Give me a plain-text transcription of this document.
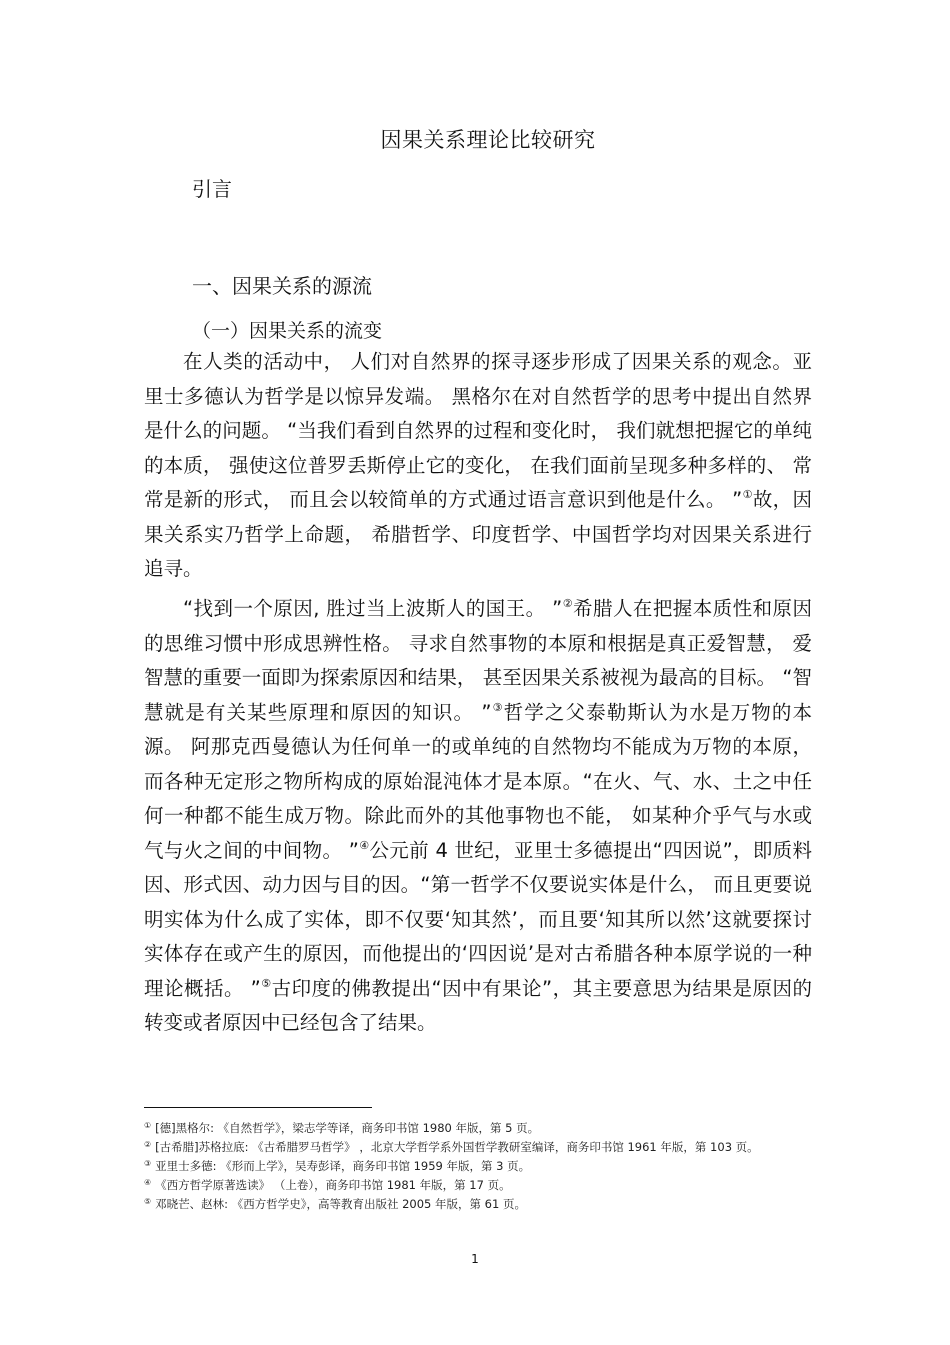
因果关系理论比较研究
引言
一、因果关系的源流
（一）因果关系的流变

在人类的活动中， 人们对自然界的探寻逐步形成了因果关系的观念。亚里士多德认为哲学是以惊异发端。 黑格尔在对自然哲学的思考中提出自然界是什么的问题。 “当我们看到自然界的过程和变化时， 我们就想把握它的单纯的本质， 强使这位普罗丢斯停止它的变化， 在我们面前呈现多种多样的、 常常是新的形式， 而且会以较简单的方式通过语言意识到他是什么。 ”①故，因果关系实乃哲学上命题， 希腊哲学、印度哲学、中国哲学均对因果关系进行追寻。

“找到一个原因, 胜过当上波斯人的国王。 ”②希腊人在把握本质性和原因的思维习惯中形成思辨性格。 寻求自然事物的本原和根据是真正爱智慧， 爱智慧的重要一面即为探索原因和结果， 甚至因果关系被视为最高的目标。 “智慧就是有关某些原理和原因的知识。 ”③哲学之父泰勒斯认为水是万物的本源。 阿那克西曼德认为任何单一的或单纯的自然物均不能成为万物的本原， 而各种无定形之物所构成的原始混沌体才是本原。“在火、气、水、土之中任何一种都不能生成万物。除此而外的其他事物也不能， 如某种介乎气与水或气与火之间的中间物。 ”④公元前 4 世纪，亚里士多德提出“四因说”，即质料因、形式因、动力因与目的因。“第一哲学不仅要说实体是什么， 而且更要说明实体为什么成了实体，即不仅要‘知其然’，而且要‘知其所以然’这就要探讨实体存在或产生的原因，而他提出的‘四因说’是对古希腊各种本原学说的一种理论概括。 ”⑤古印度的佛教提出“因中有果论”，其主要意思为结果是原因的转变或者原因中已经包含了结果。

① [德]黑格尔: 《自然哲学》，梁志学等译，商务印书馆 1980 年版，第 5 页。

② [古希腊]苏格拉底: 《古希腊罗马哲学》 ，北京大学哲学系外国哲学教研室编译，商务印书馆 1961 年版，第 103 页。

③ 亚里士多德: 《形而上学》，吴寿彭译，商务印书馆 1959 年版，第 3 页。

④ 《西方哲学原著选读》 （上卷），商务印书馆 1981 年版，第 17 页。

⑤ 邓晓芒、赵林: 《西方哲学史》，高等教育出版社 2005 年版，第 61 页。

1
